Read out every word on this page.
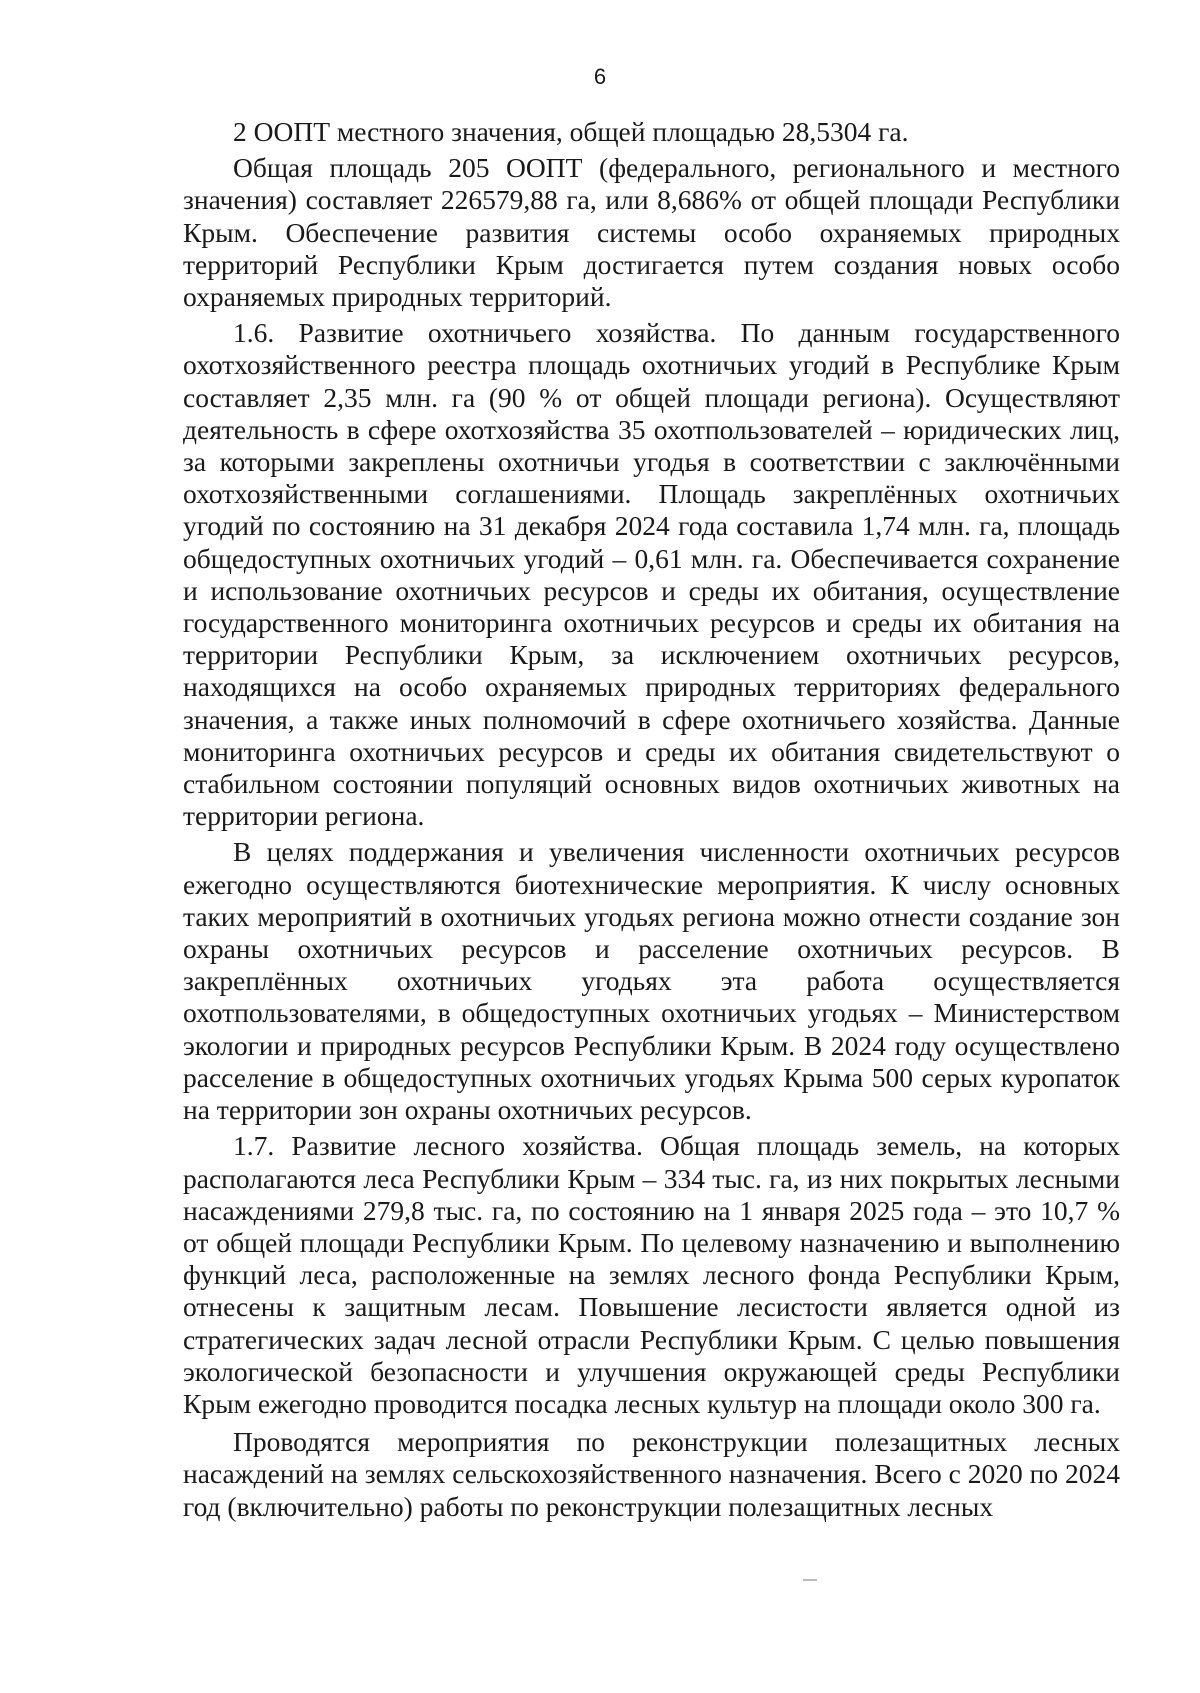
6

2 ООПТ местного значения, общей площадью 28,5304 га.

Общая площадь 205 ООПТ (федерального, регионального и местного значения) составляет 226579,88 га, или 8,686% от общей площади Республики Крым. Обеспечение развития системы особо охраняемых природных территорий Республики Крым достигается путем создания новых особо охраняемых природных территорий.

1.6. Развитие охотничьего хозяйства. По данным государственного охотхозяйственного реестра площадь охотничьих угодий в Республике Крым составляет 2,35 млн. га (90 % от общей площади региона). Осуществляют деятельность в сфере охотхозяйства 35 охотпользователей – юридических лиц, за которыми закреплены охотничьи угодья в соответствии с заключёнными охотхозяйственными соглашениями. Площадь закреплённых охотничьих угодий по состоянию на 31 декабря 2024 года составила 1,74 млн. га, площадь общедоступных охотничьих угодий – 0,61 млн. га. Обеспечивается сохранение и использование охотничьих ресурсов и среды их обитания, осуществление государственного мониторинга охотничьих ресурсов и среды их обитания на территории Республики Крым, за исключением охотничьих ресурсов, находящихся на особо охраняемых природных территориях федерального значения, а также иных полномочий в сфере охотничьего хозяйства. Данные мониторинга охотничьих ресурсов и среды их обитания свидетельствуют о стабильном состоянии популяций основных видов охотничьих животных на территории региона.

В целях поддержания и увеличения численности охотничьих ресурсов ежегодно осуществляются биотехнические мероприятия. К числу основных таких мероприятий в охотничьих угодьях региона можно отнести создание зон охраны охотничьих ресурсов и расселение охотничьих ресурсов. В закреплённых охотничьих угодьях эта работа осуществляется охотпользователями, в общедоступных охотничьих угодьях – Министерством экологии и природных ресурсов Республики Крым. В 2024 году осуществлено расселение в общедоступных охотничьих угодьях Крыма 500 серых куропаток на территории зон охраны охотничьих ресурсов.

1.7. Развитие лесного хозяйства. Общая площадь земель, на которых располагаются леса Республики Крым – 334 тыс. га, из них покрытых лесными насаждениями 279,8 тыс. га, по состоянию на 1 января 2025 года – это 10,7 % от общей площади Республики Крым. По целевому назначению и выполнению функций леса, расположенные на землях лесного фонда Республики Крым, отнесены к защитным лесам. Повышение лесистости является одной из стратегических задач лесной отрасли Республики Крым. С целью повышения экологической безопасности и улучшения окружающей среды Республики Крым ежегодно проводится посадка лесных культур на площади около 300 га.

Проводятся мероприятия по реконструкции полезащитных лесных насаждений на землях сельскохозяйственного назначения. Всего с 2020 по 2024 год (включительно) работы по реконструкции полезащитных лесных
